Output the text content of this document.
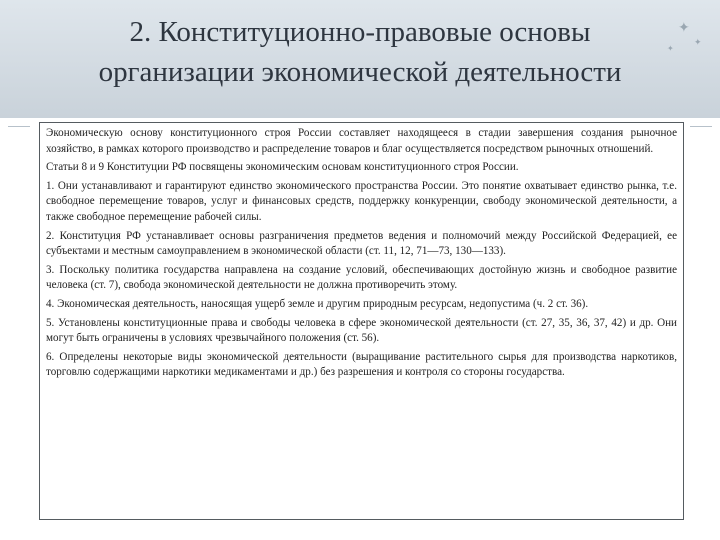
2. Конституционно-правовые основы
организации экономической деятельности
✦
✦
✦

Экономическую основу конституционного строя России составляет находящееся в стадии завершения создания рыночное хозяйство, в рамках которого производство и распределение товаров и благ осуществляется посредством рыночных отношений.

Статьи 8 и 9 Конституции РФ посвящены экономическим основам конституционного строя России.

1. Они устанавливают и гарантируют единство экономического пространства России. Это понятие охватывает единство рынка, т.е. свободное перемещение товаров, услуг и финансовых средств, поддержку конкуренции, свободу экономической деятельности, а также свободное перемещение рабочей силы.

2. Конституция РФ устанавливает основы разграничения предметов ведения и полномочий между Российской Федерацией, ее субъектами и местным самоуправлением в экономической области (ст. 11, 12, 71—73, 130—133).

3. Поскольку политика государства направлена на создание условий, обеспечивающих достойную жизнь и свободное развитие человека (ст. 7), свобода экономической деятельности не должна противоречить этому.

4. Экономическая деятельность, наносящая ущерб земле и другим природным ресурсам, недопустима (ч. 2 ст. 36).

5. Установлены конституционные права и свободы человека в сфере экономической деятельности (ст. 27, 35, 36, 37, 42) и др. Они могут быть ограничены в условиях чрезвычайного положения (ст. 56).

6. Определены некоторые виды экономической деятельности (выращивание растительного сырья для производства наркотиков, торговлю содержащими наркотики медикаментами и др.) без разрешения и контроля со стороны государства.
